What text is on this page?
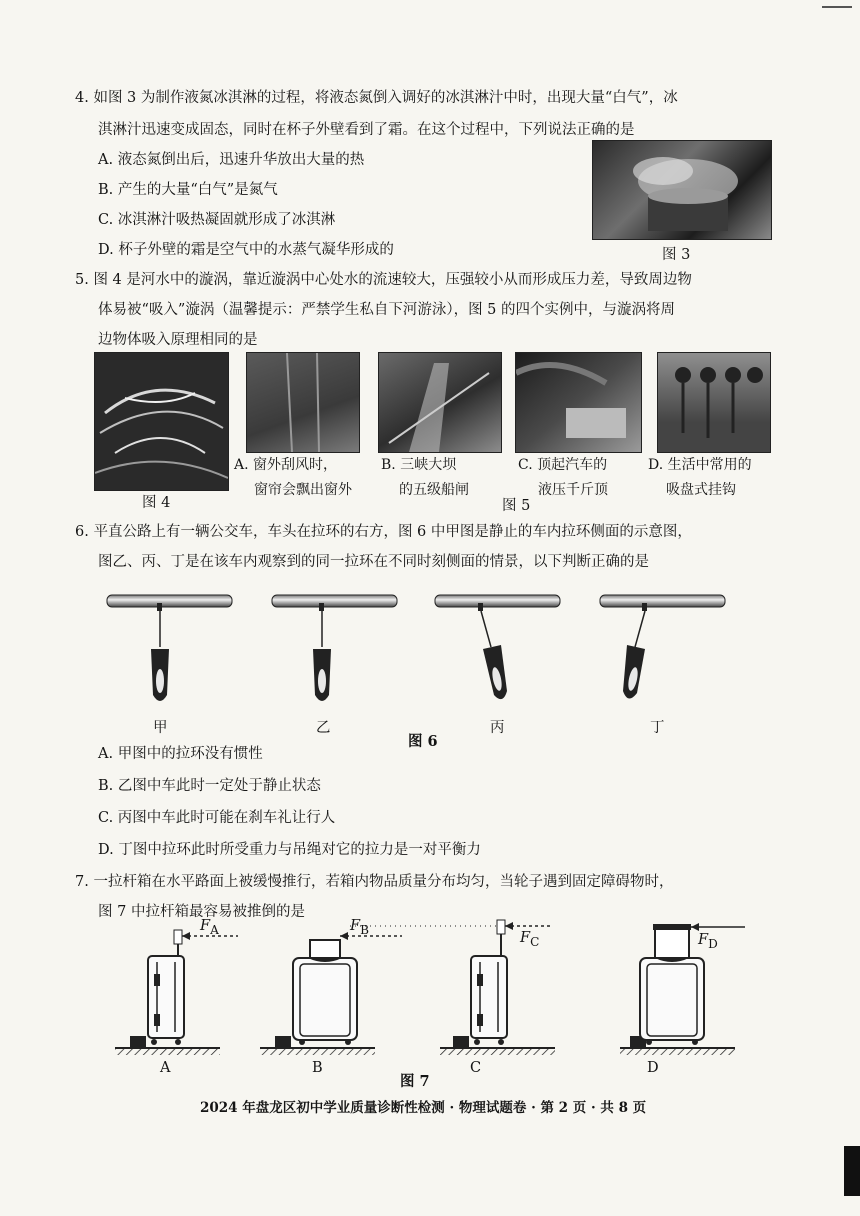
4. 如图 3 为制作液氮冰淇淋的过程，将液态氮倒入调好的冰淇淋汁中时，出现大量“白气”，冰
淇淋汁迅速变成固态，同时在杯子外壁看到了霜。在这个过程中，下列说法正确的是
A. 液态氮倒出后，迅速升华放出大量的热
B. 产生的大量“白气”是氮气
C. 冰淇淋汁吸热凝固就形成了冰淇淋
D. 杯子外壁的霜是空气中的水蒸气凝华形成的	图 3
5. 图 4 是河水中的漩涡，靠近漩涡中心处水的流速较大，压强较小从而形成压力差，导致周边物
体易被“吸入”漩涡（温馨提示：严禁学生私自下河游泳），图 5 的四个实例中，与漩涡将周
边物体吸入原理相同的是
图 4
A. 窗外刮风时，
窗帘会飘出窗外
B. 三峡大坝
的五级船闸
C. 顶起汽车的
液压千斤顶
D. 生活中常用的
吸盘式挂钩
图 5
6. 平直公路上有一辆公交车，车头在拉环的右方，图 6 中甲图是静止的车内拉环侧面的示意图，
图乙、丙、丁是在该车内观察到的同一拉环在不同时刻侧面的情景，以下判断正确的是
甲	乙	丙	丁
图 6
A. 甲图中的拉环没有惯性
B. 乙图中车此时一定处于静止状态
C. 丙图中车此时可能在刹车礼让行人
D. 丁图中拉环此时所受重力与吊绳对它的拉力是一对平衡力
7. 一拉杆箱在水平路面上被缓慢推行，若箱内物品质量分布均匀，当轮子遇到固定障碍物时，
图 7 中拉杆箱最容易被推倒的是
$F_A$	$F_B$
$F_C$	$F_D$
A	B	C	D
图 7
2024 年盘龙区初中学业质量诊断性检测 · 物理试题卷 · 第 2 页 · 共 8 页
